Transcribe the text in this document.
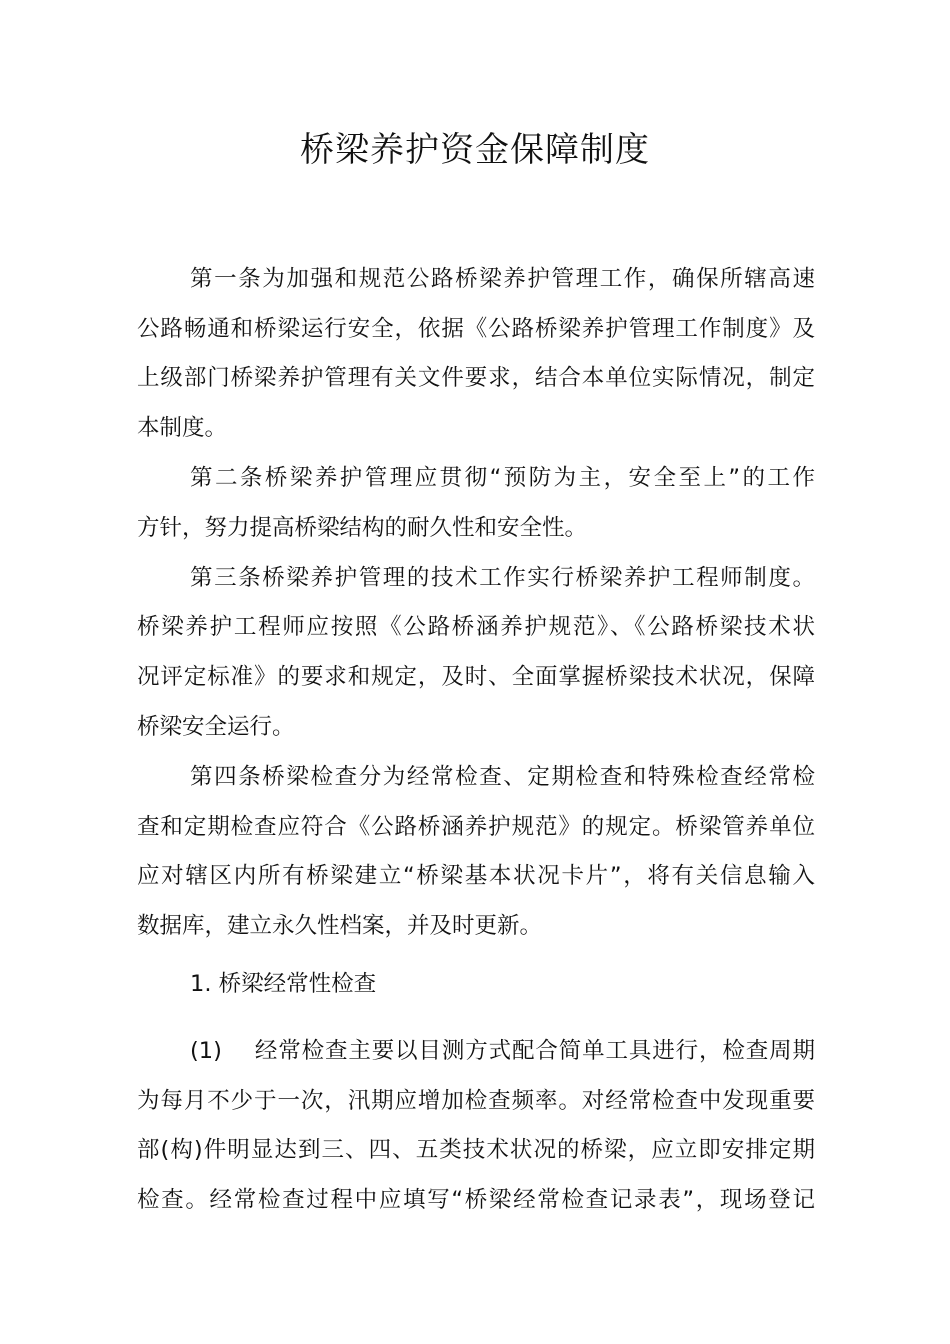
桥梁养护资金保障制度

第一条为加强和规范公路桥梁养护管理工作，确保所辖高速

公路畅通和桥梁运行安全，依据《公路桥梁养护管理工作制度》及

上级部门桥梁养护管理有关文件要求，结合本单位实际情况，制定

本制度。

第二条桥梁养护管理应贯彻“预防为主，安全至上”的工作

方针，努力提高桥梁结构的耐久性和安全性。

第三条桥梁养护管理的技术工作实行桥梁养护工程师制度。

桥梁养护工程师应按照《公路桥涵养护规范》、《公路桥梁技术状

况评定标准》的要求和规定，及时、全面掌握桥梁技术状况，保障

桥梁安全运行。

第四条桥梁检查分为经常检查、定期检查和特殊检查经常检

查和定期检查应符合《公路桥涵养护规范》的规定。桥梁管养单位

应对辖区内所有桥梁建立“桥梁基本状况卡片”，将有关信息输入

数据库，建立永久性档案，并及时更新。

1. 桥梁经常性检查

(1) 经常检查主要以目测方式配合简单工具进行，检查周期

为每月不少于一次，汛期应增加检查频率。对经常检查中发现重要

部(构)件明显达到三、四、五类技术状况的桥梁，应立即安排定期

检查。经常检查过程中应填写“桥梁经常检查记录表”，现场登记
